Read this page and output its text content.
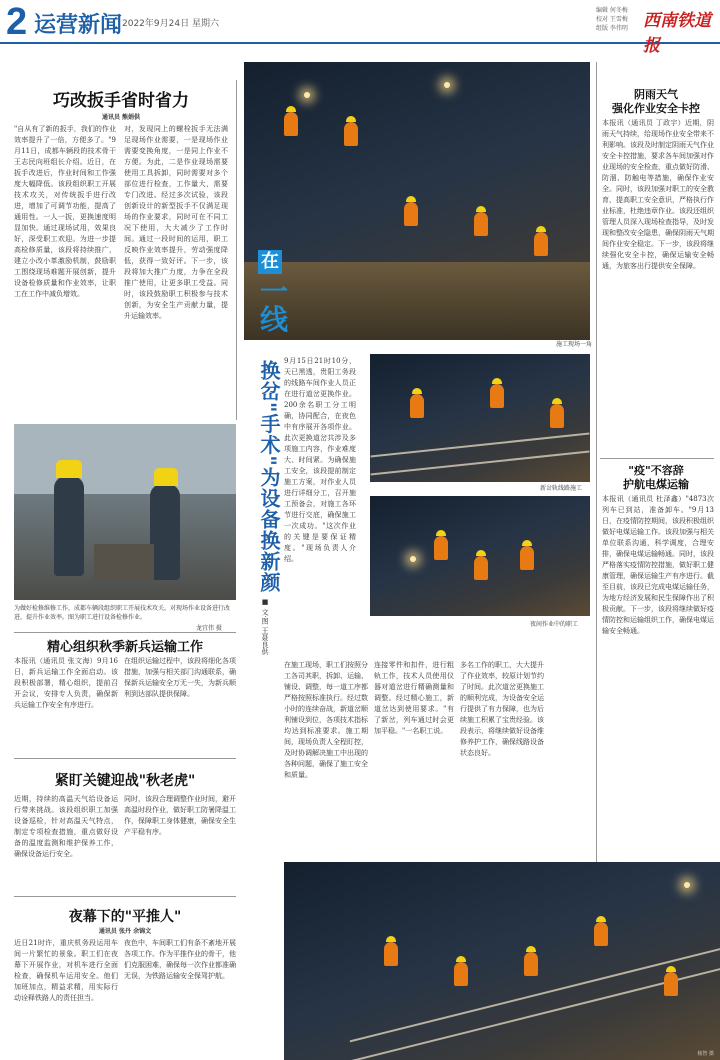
2 运营新闻 2022年9月24日 星期六
编辑 何冬梅
校对 王雪梅
组版 李伟明 西南铁道报
巧改扳手省时省力
通讯员 熊娟供
"自从有了新的扳手，我们的作业效率提升了一倍，方便多了。"9月11日，成都车辆段的技术骨干王志民向班组长介绍。近日，在扳手改进后，作业时间和工作强度大幅降低。该段组织职工开展技术攻关，对传统扳手进行改进，增加了可调节功能，提高了通用性。一人一扳，更换速度明显加快。通过现场试用，效果良好，深受职工欢迎。为进一步提高检修质量，该段将持续推广，建立小改小革激励机制，鼓励职工围绕现场难题开展创新，提升设备检修质量和作业效率，让职工在工作中减负增效。
对，发现同上的螺栓扳手无法满足现场作业需要，一是现场作业需要变换角度，一是同上作业不方便。为此，二是作业现场需要使用工具拆卸，同时需要对多个部位进行检查，工作量大，需要专门改进。经过多次试验，该段创新设计的新型扳手不仅满足现场的作业要求，同时可在不同工况下使用，大大减少了工作时间。通过一段时间的运用，职工反映作业效率提升，劳动强度降低，获得一致好评。下一步，该段将加大推广力度，力争在全段推广使用，让更多职工受益。同时，该段鼓励职工积极参与技术创新，为安全生产贡献力量，提升运输效率。
为做好检修维修工作，成都车辆段组织职工开展技术攻关，对现场作业设备进行改进，提升作业效率。图为职工进行设备检修作业。
龙宜伟 摄
精心组织秋季新兵运输工作
本报讯（通讯员 张文海）9月16日，新兵运输工作全面启动。该段积极部署，精心组织，提前召开会议，安排专人负责，确保新兵运输工作安全有序进行。
在组织运输过程中，该段将细化各项措施，加强与相关部门沟通联系，确保新兵运输安全万无一失，为新兵顺利到达部队提供保障。
紧盯关键迎战"秋老虎"
近期，持续的高温天气给设备运行带来挑战。该段组织职工加强设备巡检，针对高温天气特点，制定专项检查措施，重点做好设备的温度监测和维护保养工作，确保设备运行安全。
同时，该段合理调整作业时间，避开高温时段作业，做好职工防暑降温工作，保障职工身体健康，确保安全生产平稳有序。
夜幕下的"平推人"
通讯员 张丹 余锦文
近日21时许，重庆机务段运用车间一片繁忙的景象。职工们在夜幕下开展作业，对机车进行全面检查，确保机车运用安全。他们加班加点，精益求精，用实际行动诠释铁路人的责任担当。
夜色中，车间职工们有条不紊地开展各项工作。作为平推作业的骨干，他们克服困难，确保每一次作业都准确无误，为铁路运输安全保驾护航。
施工现场一角
在
一线
换岔"手术"为设备换新颜
■ 文·图 王聂良供
9月15日21时10分，天已黑透，贵阳工务段的线路车间作业人员正在进行道岔更换作业。200余名职工分工明确，协同配合，在夜色中有序展开各项作业。此次更换道岔共涉及多项施工内容，作业难度大、时间紧。为确保施工安全，该段提前制定施工方案，对作业人员进行详细分工，召开施工预备会，对施工各环节进行交底，确保施工一次成功。"这次作业的关键是要保证精度。"现场负责人介绍。
在施工现场，职工们按照分工各司其职，拆卸、运输、铺设、调整，每一道工序都严格按照标准执行。经过数小时的连续奋战，新道岔顺利铺设到位，各项技术指标均达到标准要求。施工期间，现场负责人全程盯控，及时协调解决施工中出现的各种问题，确保了施工安全和质量。
连接零件和扣件，进行粗轨工作，技术人员使用仪器对道岔进行精确测量和调整。经过精心施工，新道岔达到使用要求。"有了新岔，列车通过时会更加平稳。"一名职工说。
多名工作的职工，大大提升了作业效率，较原计划节约了时间。此次道岔更换施工的顺利完成，为设备安全运行提供了有力保障，也为后续施工积累了宝贵经验。该段表示，将继续做好设备维修养护工作，确保线路设备状态良好。
新岔轨线路施工
夜间作业中的职工
杨智 摄
阴雨天气
强化作业安全卡控
本报讯（通讯员 丁政宇）近期，阴雨天气持续，给现场作业安全带来不利影响。该段及时制定阴雨天气作业安全卡控措施，要求各车间加强对作业现场的安全检查，重点做好防滑、防溜、防触电等措施，确保作业安全。同时，该段加强对职工的安全教育，提高职工安全意识，严格执行作业标准，杜绝违章作业。该段还组织管理人员深入现场检查指导，及时发现和整改安全隐患，确保阴雨天气期间作业安全稳定。下一步，该段将继续强化安全卡控，确保运输安全畅通，为旅客出行提供安全保障。
"疫"不容辞
护航电煤运输
本报讯（通讯员 杜泽鑫）"4873次列车已到站，准备卸车。"9月13日，在疫情防控期间，该段积极组织做好电煤运输工作。该段加强与相关单位联系沟通，科学调度，合理安排，确保电煤运输畅通。同时，该段严格落实疫情防控措施，做好职工健康管理，确保运输生产有序进行。截至目前，该段已完成电煤运输任务，为地方经济发展和民生保障作出了积极贡献。下一步，该段将继续做好疫情防控和运输组织工作，确保电煤运输安全畅通。
